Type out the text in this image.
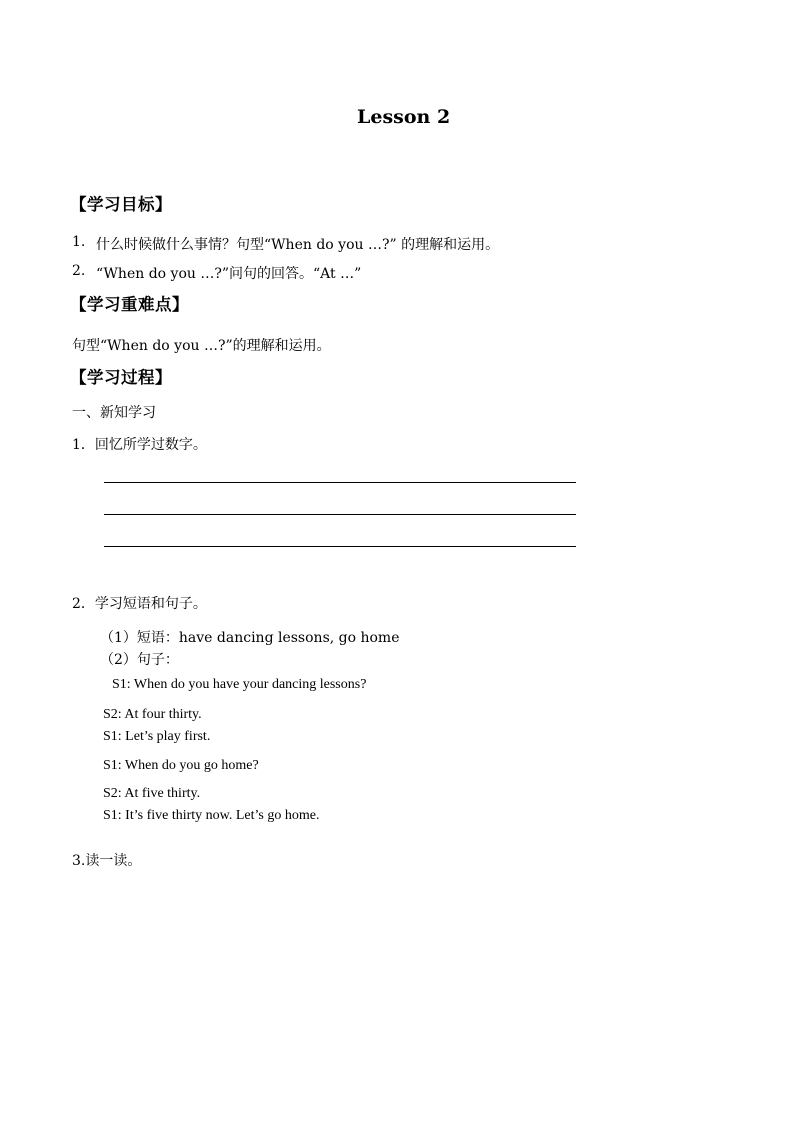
Lesson 2
【学习目标】
1. 什么时候做什么事情？句型“When do you …?” 的理解和运用。
2. “When do you …?”问句的回答。“At …”
【学习重难点】
句型“When do you …?”的理解和运用。
【学习过程】
一、新知学习
1．回忆所学过数字。
2．学习短语和句子。
（1）短语：have dancing lessons, go home
（2）句子：
S1: When do you have your dancing lessons?
S2: At four thirty.
S1: Let’s play first.
S1: When do you go home?
S2: At five thirty.
S1: It’s five thirty now. Let’s go home.
3.读一读。
